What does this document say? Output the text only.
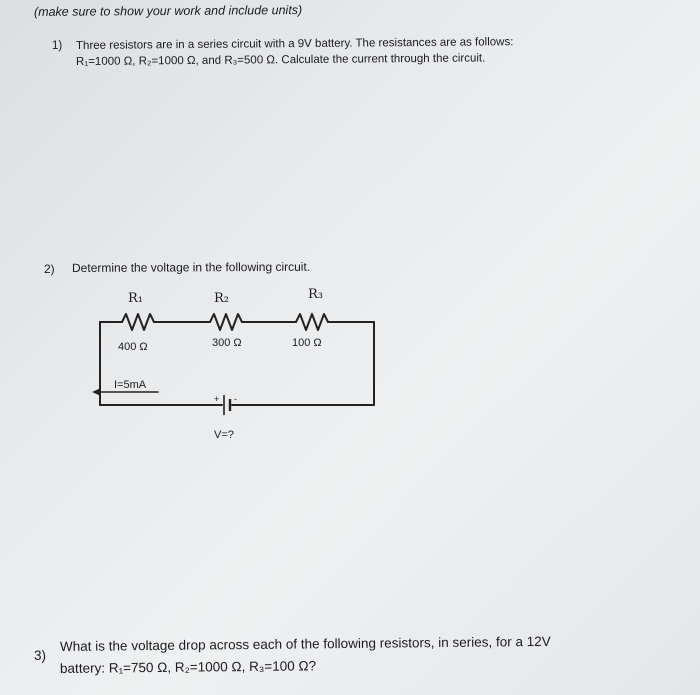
(make sure to show your work and include units)
1) Three resistors are in a series circuit with a 9V battery. The resistances are as follows:
R₁=1000 Ω, R₂=1000 Ω, and R₃=500 Ω. Calculate the current through the circuit.
2) Determine the voltage in the following circuit.
R₁	R₂	R₃
400 Ω	300 Ω	100 Ω
I=5mA
+ -
V=?
3)
What is the voltage drop across each of the following resistors, in series, for a 12V
battery: R₁=750 Ω, R₂=1000 Ω, R₃=100 Ω?
